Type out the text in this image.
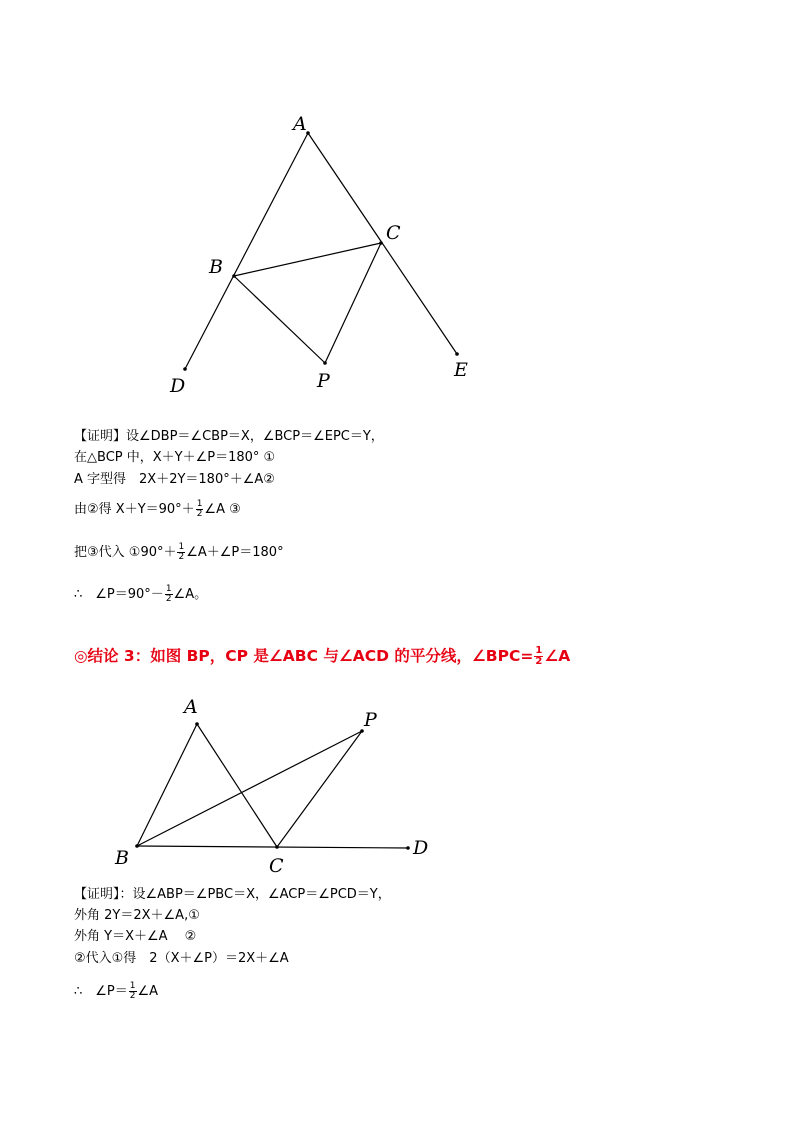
A
B
C
D
E
P
【证明】设∠DBP＝∠CBP＝X，∠BCP＝∠EPC＝Y，
在△BCP 中，X＋Y＋∠P＝180° ①
A 字型得　2X＋2Y＝180°＋∠A②
由②得 $X+Y=90^\circ+ \frac{1}{2}$ ∠A ③
把③代入 ①90°＋ $\frac{1}{2}$ ∠A＋∠P＝180°
∴　∠P＝90°－ $\frac{1}{2}$ ∠A。
◎结论 3：如图 BP，CP 是∠ABC 与∠ACD 的平分线，∠BPC= $\frac{1}{2}$ ∠A
A
B	C
D
P
【证明】：设∠ABP＝∠PBC＝X，∠ACP＝∠PCD＝Y，
外角 2Y＝2X＋∠A,①
外角 Y＝X＋∠A　 ②
②代入①得　2（X＋∠P）＝2X＋∠A
∴　∠P＝ $\frac{1}{2}$ ∠A
